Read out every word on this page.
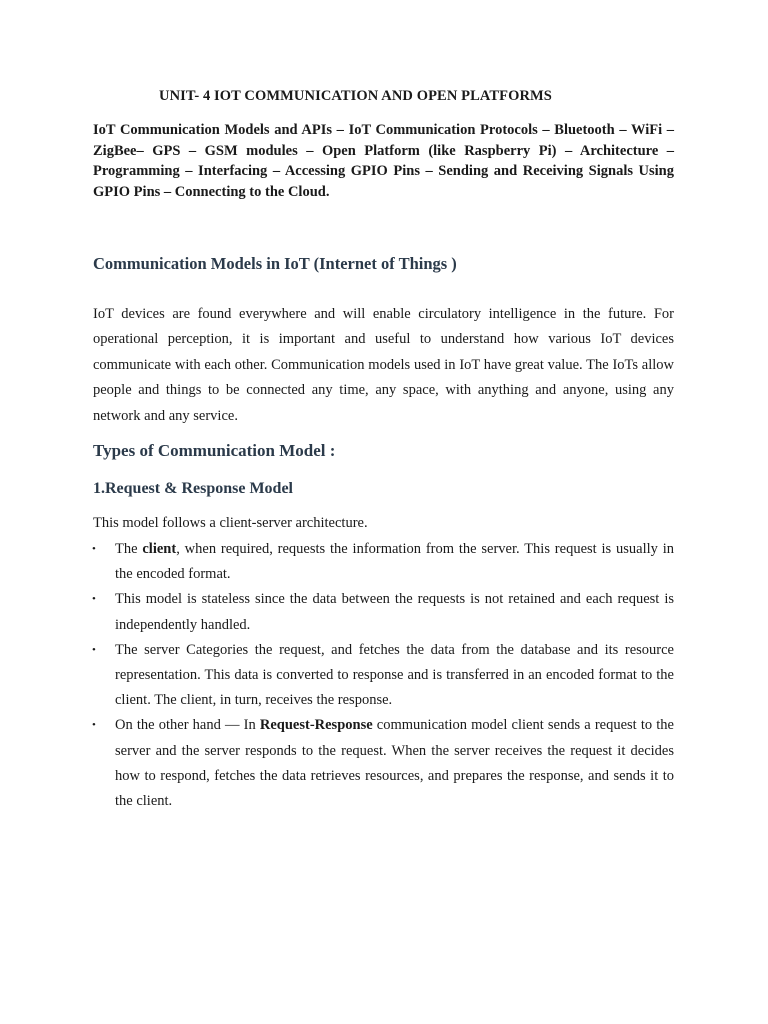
UNIT- 4 IOT COMMUNICATION AND OPEN PLATFORMS

IoT Communication Models and APIs – IoT Communication Protocols – Bluetooth – WiFi – ZigBee– GPS – GSM modules – Open Platform (like Raspberry Pi) – Architecture – Programming – Interfacing – Accessing GPIO Pins – Sending and Receiving Signals Using GPIO Pins – Connecting to the Cloud.

Communication Models in IoT (Internet of Things )

IoT devices are found everywhere and will enable circulatory intelligence in the future. For operational perception, it is important and useful to understand how various IoT devices communicate with each other. Communication models used in IoT have great value. The IoTs allow people and things to be connected any time, any space, with anything and anyone, using any network and any service.

Types of Communication Model :
1.Request & Response Model

This model follows a client-server architecture.

• The client, when required, requests the information from the server. This request is usually in the encoded format.
• This model is stateless since the data between the requests is not retained and each request is independently handled.
• The server Categories the request, and fetches the data from the database and its resource representation. This data is converted to response and is transferred in an encoded format to the client. The client, in turn, receives the response.
• On the other hand — In Request-Response communication model client sends a request to the server and the server responds to the request. When the server receives the request it decides how to respond, fetches the data retrieves resources, and prepares the response, and sends it to the client.
